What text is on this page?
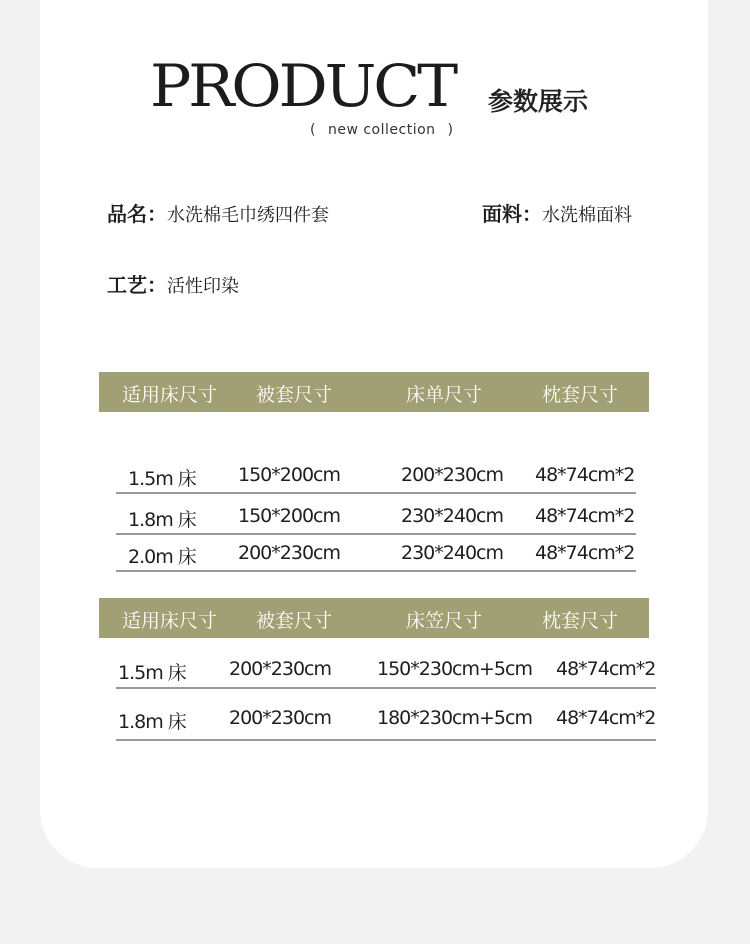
PRODUCT 参数展示
( new collection )
品名：水洗棉毛巾绣四件套	面料：水洗棉面料
工艺：活性印染
适用床尺寸 被套尺寸	床单尺寸	枕套尺寸
1.5m 床 150*200cm	200*230cm 48*74cm*2
1.8m 床 150*200cm	230*240cm 48*74cm*2
2.0m 床 200*230cm	230*240cm 48*74cm*2
适用床尺寸 被套尺寸	床笠尺寸	枕套尺寸
1.5m 床 200*230cm 150*230cm+5cm 48*74cm*2
1.8m 床 200*230cm 180*230cm+5cm 48*74cm*2
